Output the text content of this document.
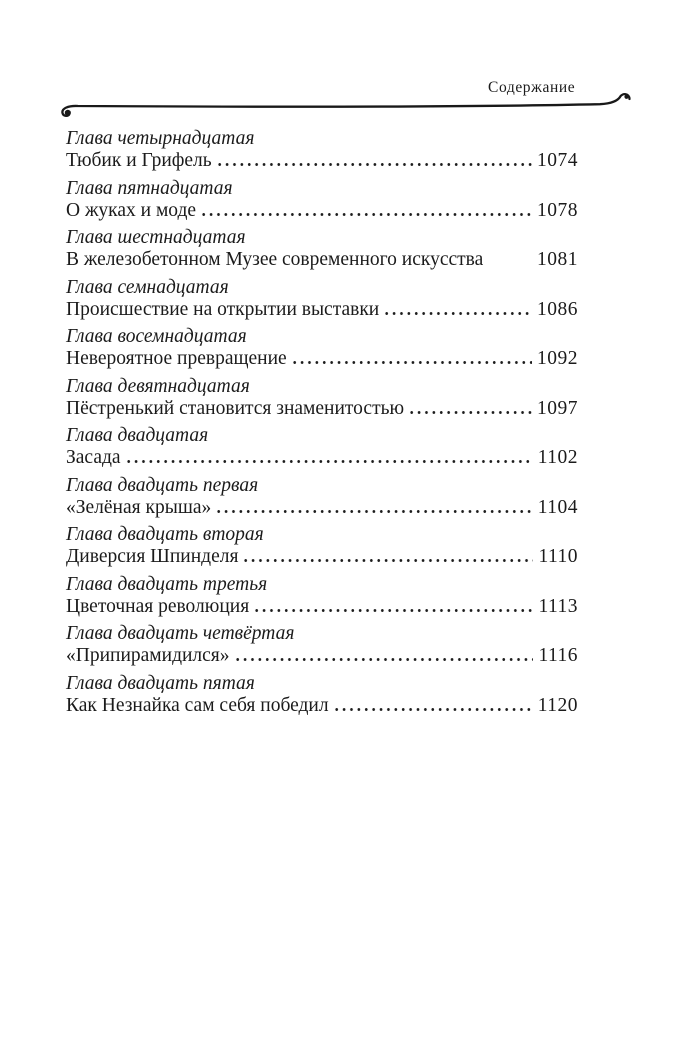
Содержание
Глава четырнадцатая
Тюбик и Грифель	1074
Глава пятнадцатая
О жуках и моде	1078
Глава шестнадцатая
В железобетонном Музее современного искусства	1081
Глава семнадцатая
Происшествие на открытии выставки	1086
Глава восемнадцатая
Невероятное превращение	1092
Глава девятнадцатая
Пёстренький становится знаменитостью	1097
Глава двадцатая
Засада	1102
Глава двадцать первая
«Зелёная крыша»	1104
Глава двадцать вторая
Диверсия Шпинделя	1110
Глава двадцать третья
Цветочная революция	1113
Глава двадцать четвёртая
«Припирамидился»	1116
Глава двадцать пятая
Как Незнайка сам себя победил	1120
